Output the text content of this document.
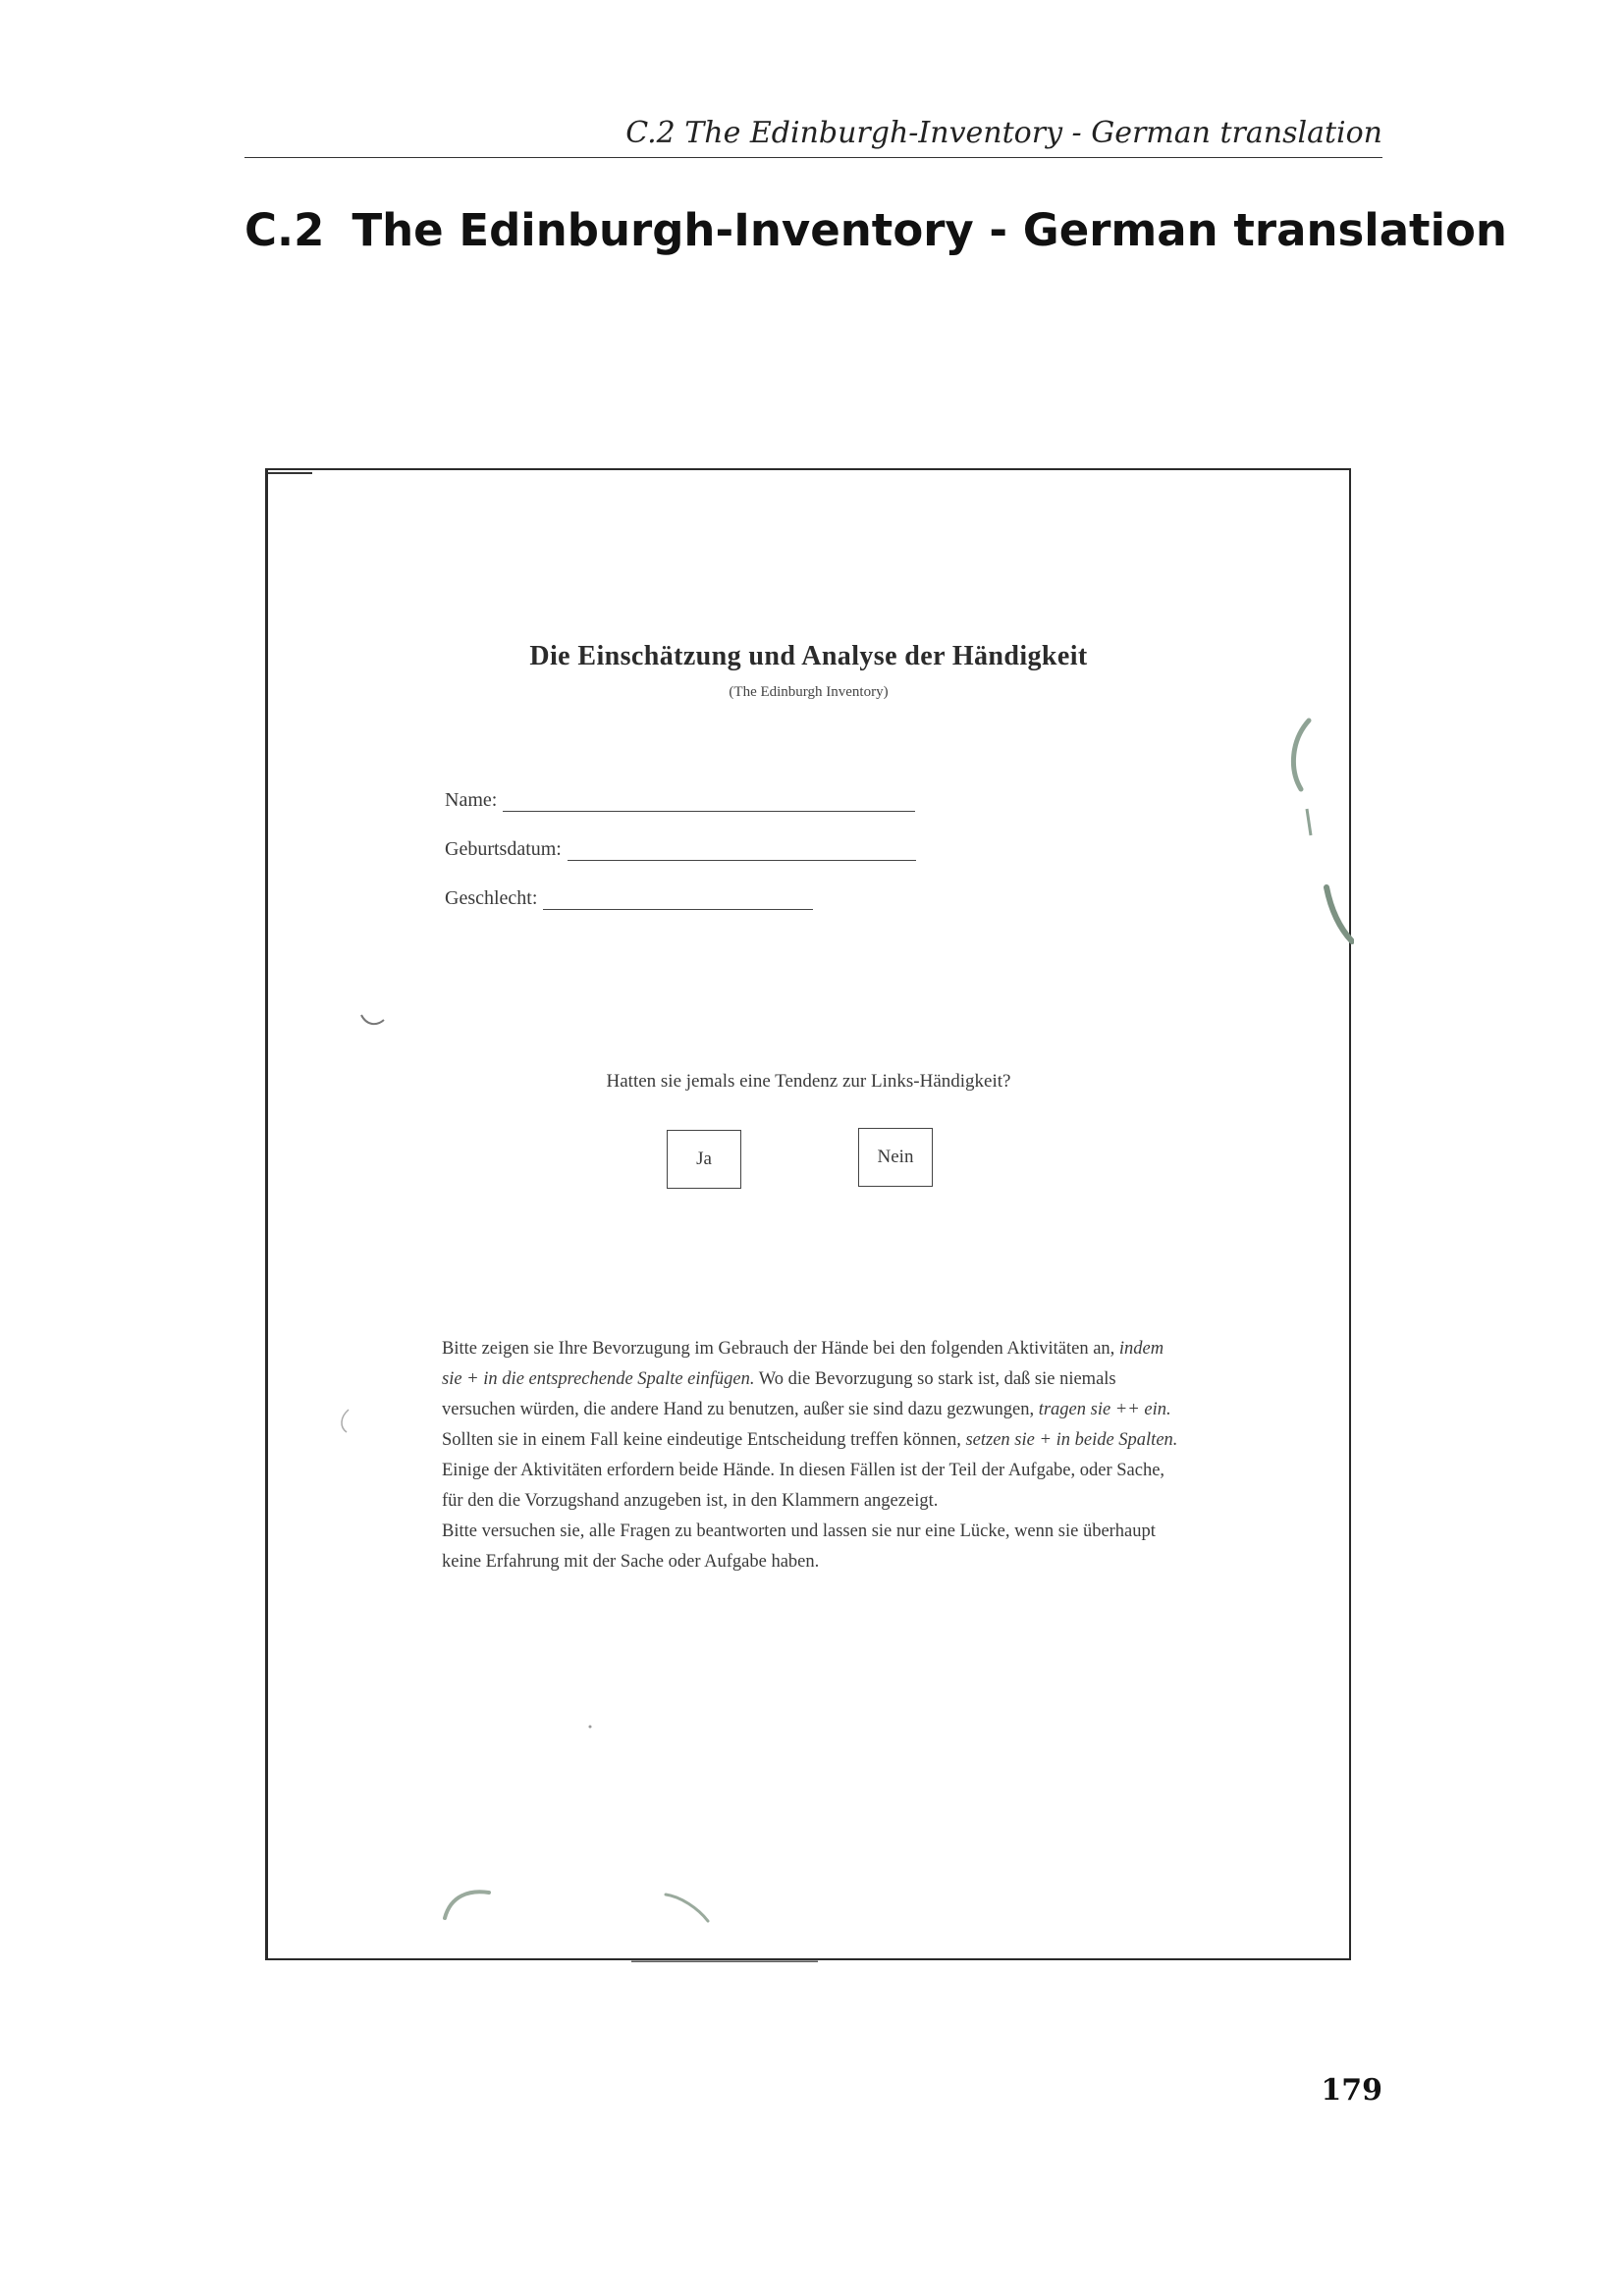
C.2 The Edinburgh-Inventory - German translation
C.2 The Edinburgh-Inventory - German translation
Die Einschätzung und Analyse der Händigkeit
(The Edinburgh Inventory)
Name:
Geburtsdatum:
Geschlecht:
Hatten sie jemals eine Tendenz zur Links-Händigkeit?
Ja	Nein

Bitte zeigen sie Ihre Bevorzugung im Gebrauch der Hände bei den folgenden Aktivitäten an, indem sie + in die entsprechende Spalte einfügen. Wo die Bevorzugung so stark ist, daß sie niemals versuchen würden, die andere Hand zu benutzen, außer sie sind dazu gezwungen, tragen sie ++ ein. Sollten sie in einem Fall keine eindeutige Entscheidung treffen können, setzen sie + in beide Spalten.

Einige der Aktivitäten erfordern beide Hände. In diesen Fällen ist der Teil der Aufgabe, oder Sache, für den die Vorzugshand anzugeben ist, in den Klammern angezeigt.

Bitte versuchen sie, alle Fragen zu beantworten und lassen sie nur eine Lücke, wenn sie überhaupt keine Erfahrung mit der Sache oder Aufgabe haben.

179
